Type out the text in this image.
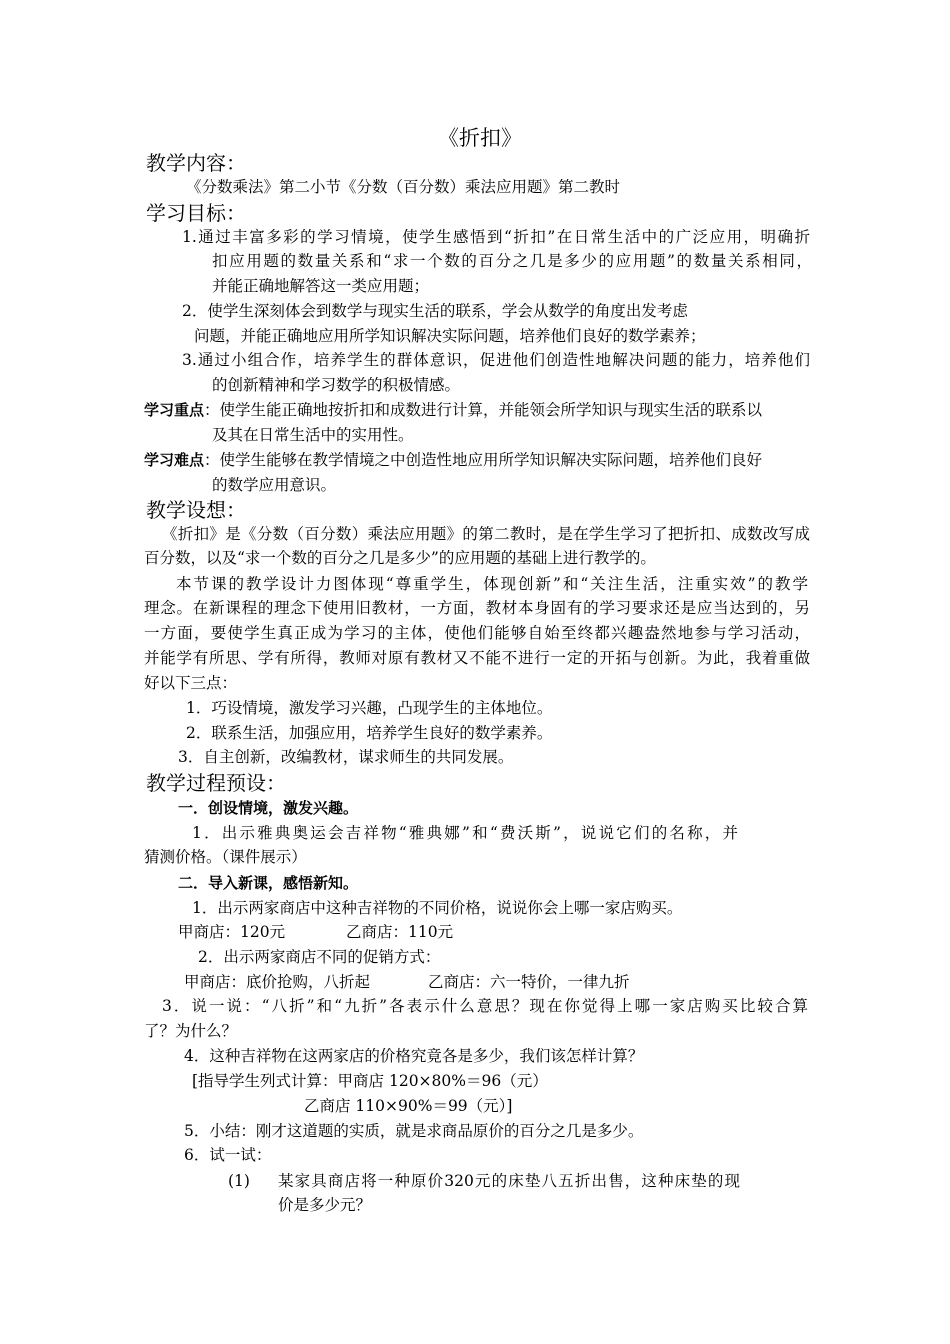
《折扣》
教学内容：
《分数乘法》第二小节《分数（百分数）乘法应用题》第二教时
学习目标：
1.通过丰富多彩的学习情境，使学生感悟到“折扣”在日常生活中的广泛应用，明确折
扣应用题的数量关系和“求一个数的百分之几是多少的应用题”的数量关系相同，
并能正确地解答这一类应用题；
2．使学生深刻体会到数学与现实生活的联系，学会从数学的角度出发考虑
问题，并能正确地应用所学知识解决实际问题，培养他们良好的数学素养；
3.通过小组合作，培养学生的群体意识，促进他们创造性地解决问题的能力，培养他们
的创新精神和学习数学的积极情感。
学习重点：使学生能正确地按折扣和成数进行计算，并能领会所学知识与现实生活的联系以
及其在日常生活中的实用性。
学习难点：使学生能够在教学情境之中创造性地应用所学知识解决实际问题，培养他们良好
的数学应用意识。
教学设想：
《折扣》是《分数（百分数）乘法应用题》的第二教时，是在学生学习了把折扣、成数改写成
百分数，以及“求一个数的百分之几是多少”的应用题的基础上进行教学的。
本节课的教学设计力图体现“尊重学生，体现创新”和“关注生活，注重实效”的教学
理念。在新课程的理念下使用旧教材，一方面，教材本身固有的学习要求还是应当达到的，另
一方面，要使学生真正成为学习的主体，使他们能够自始至终都兴趣盎然地参与学习活动，
并能学有所思、学有所得，教师对原有教材又不能不进行一定的开拓与创新。为此，我着重做
好以下三点：
1．巧设情境，激发学习兴趣，凸现学生的主体地位。
2．联系生活，加强应用，培养学生良好的数学素养。
3．自主创新，改编教材，谋求师生的共同发展。
教学过程预设：
一．创设情境，激发兴趣。
1．出示雅典奥运会吉祥物“雅典娜”和“费沃斯”，说说它们的名称，并
猜测价格。（课件展示）
二．导入新课，感悟新知。
1．出示两家商店中这种吉祥物的不同价格，说说你会上哪一家店购买。
甲商店：120元	乙商店：110元
2．出示两家商店不同的促销方式：
甲商店：底价抢购，八折起	乙商店：六一特价，一律九折
3．说一说：“八折”和“九折”各表示什么意思？现在你觉得上哪一家店购买比较合算
了？为什么？
4．这种吉祥物在这两家店的价格究竟各是多少，我们该怎样计算？
[指导学生列式计算：甲商店 120×80%＝96（元）
乙商店 110×90%＝99（元）]
5．小结：刚才这道题的实质，就是求商品原价的百分之几是多少。
6．试一试：
(1) 某家具商店将一种原价320元的床垫八五折出售，这种床垫的现
价是多少元？
